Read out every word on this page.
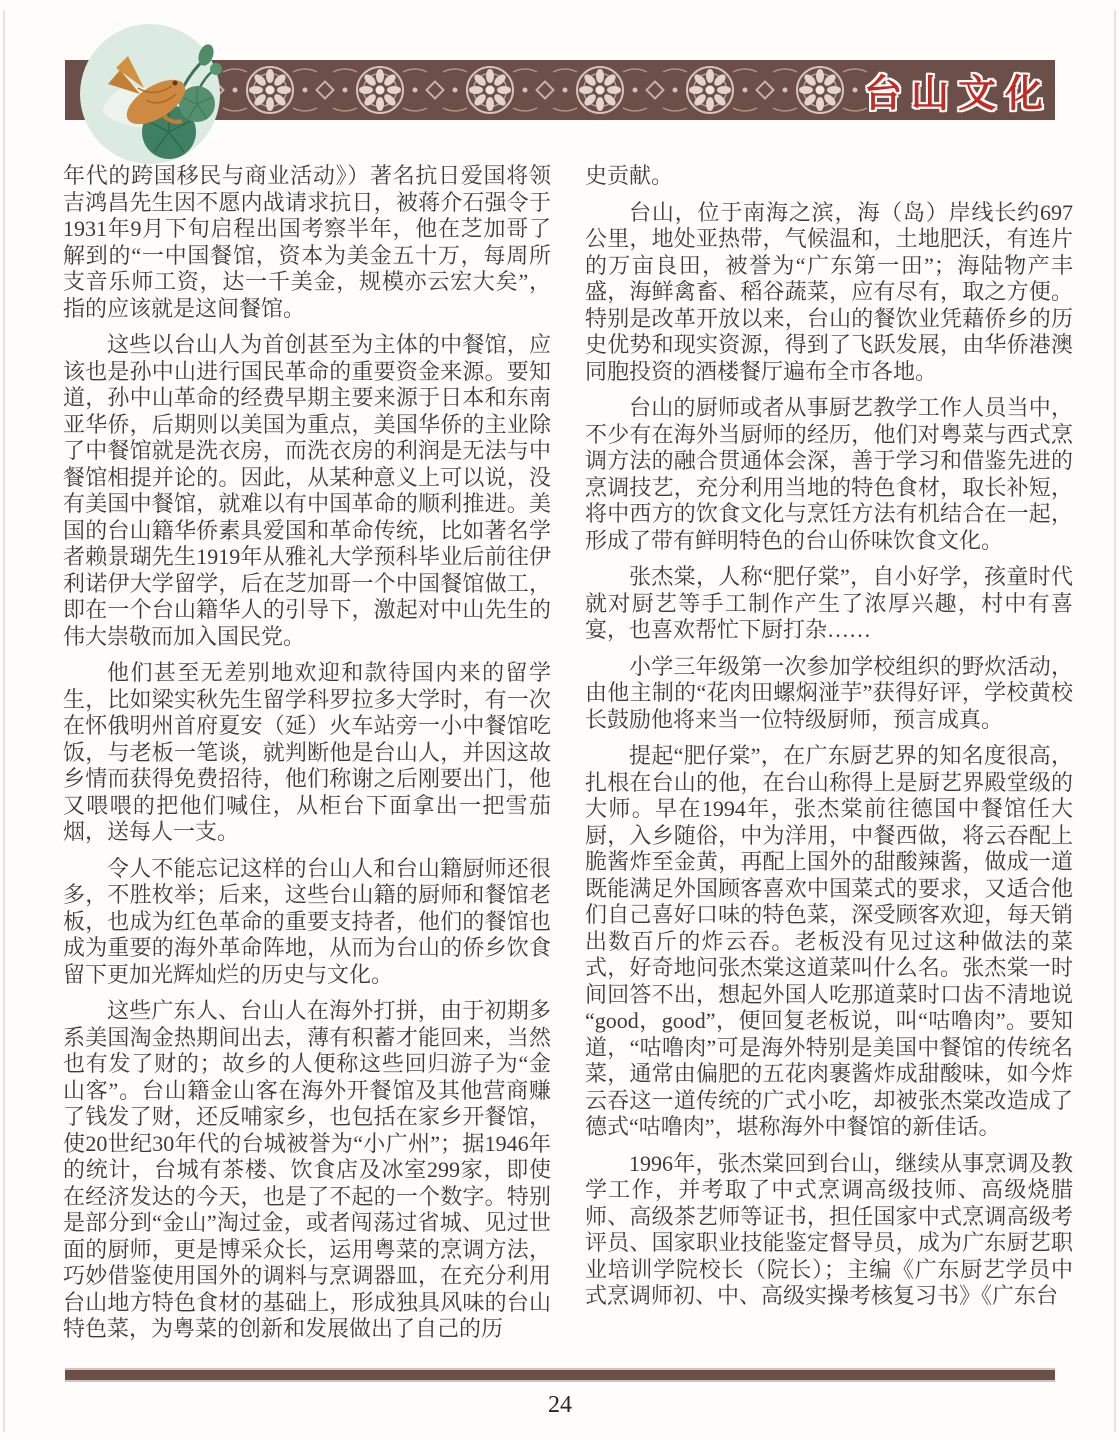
台山文化

年代的跨国移民与商业活动》）著名抗日爱国将领吉鸿昌先生因不愿内战请求抗日，被蒋介石强令于1931年9月下旬启程出国考察半年，他在芝加哥了解到的“一中国餐馆，资本为美金五十万，每周所支音乐师工资，达一千美金，规模亦云宏大矣”，指的应该就是这间餐馆。

这些以台山人为首创甚至为主体的中餐馆，应该也是孙中山进行国民革命的重要资金来源。要知道，孙中山革命的经费早期主要来源于日本和东南亚华侨，后期则以美国为重点，美国华侨的主业除了中餐馆就是洗衣房，而洗衣房的利润是无法与中餐馆相提并论的。因此，从某种意义上可以说，没有美国中餐馆，就难以有中国革命的顺利推进。美国的台山籍华侨素具爱国和革命传统，比如著名学者赖景瑚先生1919年从雅礼大学预科毕业后前往伊利诺伊大学留学，后在芝加哥一个中国餐馆做工，即在一个台山籍华人的引导下，激起对中山先生的伟大崇敬而加入国民党。

他们甚至无差别地欢迎和款待国内来的留学生，比如梁实秋先生留学科罗拉多大学时，有一次在怀俄明州首府夏安（延）火车站旁一小中餐馆吃饭，与老板一笔谈，就判断他是台山人，并因这故乡情而获得免费招待，他们称谢之后刚要出门，他又喂喂的把他们喊住，从柜台下面拿出一把雪茄烟，送每人一支。

令人不能忘记这样的台山人和台山籍厨师还很多，不胜枚举；后来，这些台山籍的厨师和餐馆老板，也成为红色革命的重要支持者，他们的餐馆也成为重要的海外革命阵地，从而为台山的侨乡饮食留下更加光辉灿烂的历史与文化。

这些广东人、台山人在海外打拼，由于初期多系美国淘金热期间出去，薄有积蓄才能回来，当然也有发了财的；故乡的人便称这些回归游子为“金山客”。台山籍金山客在海外开餐馆及其他营商赚了钱发了财，还反哺家乡，也包括在家乡开餐馆，使20世纪30年代的台城被誉为“小广州”；据1946年的统计，台城有茶楼、饮食店及冰室299家，即使在经济发达的今天，也是了不起的一个数字。特别是部分到“金山”淘过金，或者闯荡过省城、见过世面的厨师，更是博采众长，运用粤菜的烹调方法，巧妙借鉴使用国外的调料与烹调器皿，在充分利用台山地方特色食材的基础上，形成独具风味的台山特色菜，为粤菜的创新和发展做出了自己的历

史贡献。

台山，位于南海之滨，海（岛）岸线长约697公里，地处亚热带，气候温和，土地肥沃，有连片的万亩良田，被誉为“广东第一田”；海陆物产丰盛，海鲜禽畜、稻谷蔬菜，应有尽有，取之方便。特别是改革开放以来，台山的餐饮业凭藉侨乡的历史优势和现实资源，得到了飞跃发展，由华侨港澳同胞投资的酒楼餐厅遍布全市各地。

台山的厨师或者从事厨艺教学工作人员当中，不少有在海外当厨师的经历，他们对粤菜与西式烹调方法的融合贯通体会深，善于学习和借鉴先进的烹调技艺，充分利用当地的特色食材，取长补短，将中西方的饮食文化与烹饪方法有机结合在一起，形成了带有鲜明特色的台山侨味饮食文化。

张杰棠，人称“肥仔棠”，自小好学，孩童时代就对厨艺等手工制作产生了浓厚兴趣，村中有喜宴，也喜欢帮忙下厨打杂……

小学三年级第一次参加学校组织的野炊活动，由他主制的“花肉田螺焖湴芋”获得好评，学校黄校长鼓励他将来当一位特级厨师，预言成真。

提起“肥仔棠”，在广东厨艺界的知名度很高，扎根在台山的他，在台山称得上是厨艺界殿堂级的大师。早在1994年，张杰棠前往德国中餐馆任大厨，入乡随俗，中为洋用，中餐西做，将云吞配上脆酱炸至金黄，再配上国外的甜酸辣酱，做成一道既能满足外国顾客喜欢中国菜式的要求，又适合他们自己喜好口味的特色菜，深受顾客欢迎，每天销出数百斤的炸云吞。老板没有见过这种做法的菜式，好奇地问张杰棠这道菜叫什么名。张杰棠一时间回答不出，想起外国人吃那道菜时口齿不清地说“good，good”，便回复老板说，叫“咕噜肉”。要知道，“咕噜肉”可是海外特别是美国中餐馆的传统名菜，通常由偏肥的五花肉裹酱炸成甜酸味，如今炸云吞这一道传统的广式小吃，却被张杰棠改造成了德式“咕噜肉”，堪称海外中餐馆的新佳话。

1996年，张杰棠回到台山，继续从事烹调及教学工作，并考取了中式烹调高级技师、高级烧腊师、高级茶艺师等证书，担任国家中式烹调高级考评员、国家职业技能鉴定督导员，成为广东厨艺职业培训学院校长（院长）；主编《广东厨艺学员中式烹调师初、中、高级实操考核复习书》《广东台

24
